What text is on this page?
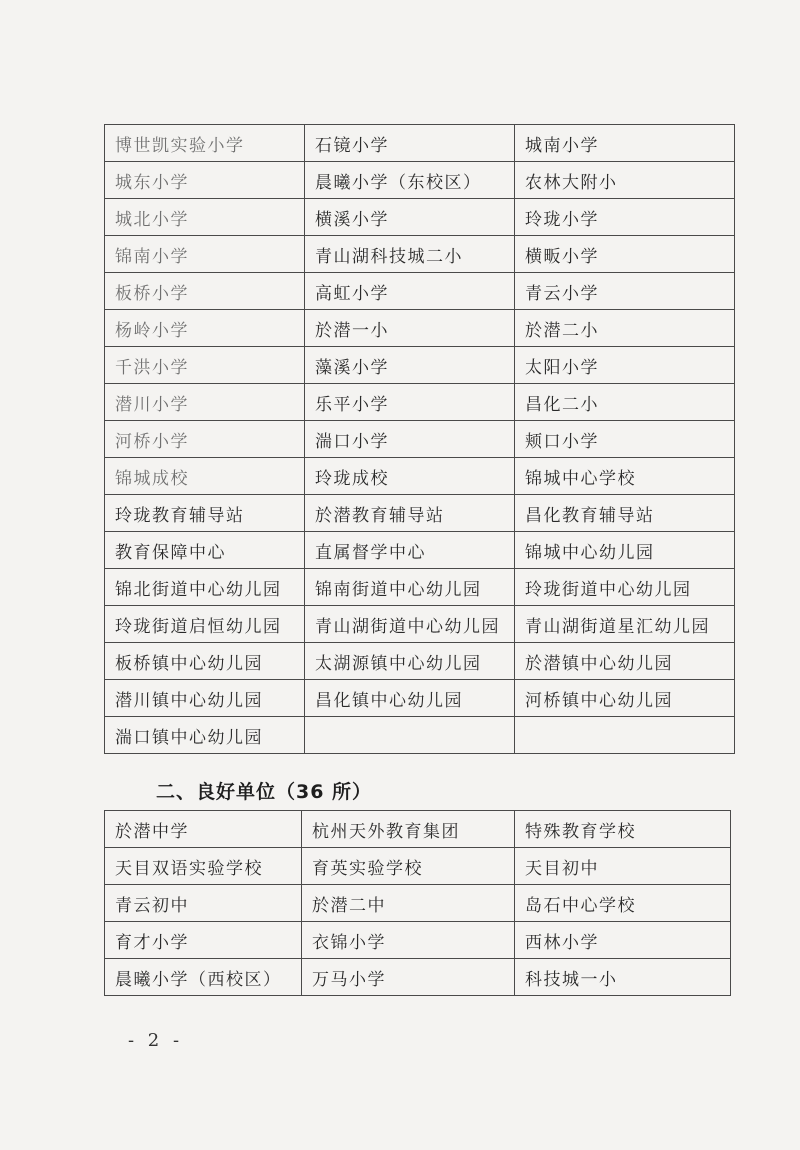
博世凯实验小学	石镜小学	城南小学
城东小学	晨曦小学（东校区）	农林大附小
城北小学	横溪小学	玲珑小学
锦南小学	青山湖科技城二小	横畈小学
板桥小学	高虹小学	青云小学
杨岭小学	於潜一小	於潜二小
千洪小学	藻溪小学	太阳小学
潜川小学	乐平小学	昌化二小
河桥小学	湍口小学	颊口小学
锦城成校	玲珑成校	锦城中心学校
玲珑教育辅导站	於潜教育辅导站	昌化教育辅导站
教育保障中心	直属督学中心	锦城中心幼儿园
锦北街道中心幼儿园	锦南街道中心幼儿园	玲珑街道中心幼儿园
玲珑街道启恒幼儿园	青山湖街道中心幼儿园	青山湖街道星汇幼儿园
板桥镇中心幼儿园	太湖源镇中心幼儿园	於潜镇中心幼儿园
潜川镇中心幼儿园	昌化镇中心幼儿园	河桥镇中心幼儿园
湍口镇中心幼儿园		
二、良好单位（36 所）
於潜中学	杭州天外教育集团	特殊教育学校
天目双语实验学校	育英实验学校	天目初中
青云初中	於潜二中	岛石中心学校
育才小学	衣锦小学	西林小学
晨曦小学（西校区）	万马小学	科技城一小
- 2 -
